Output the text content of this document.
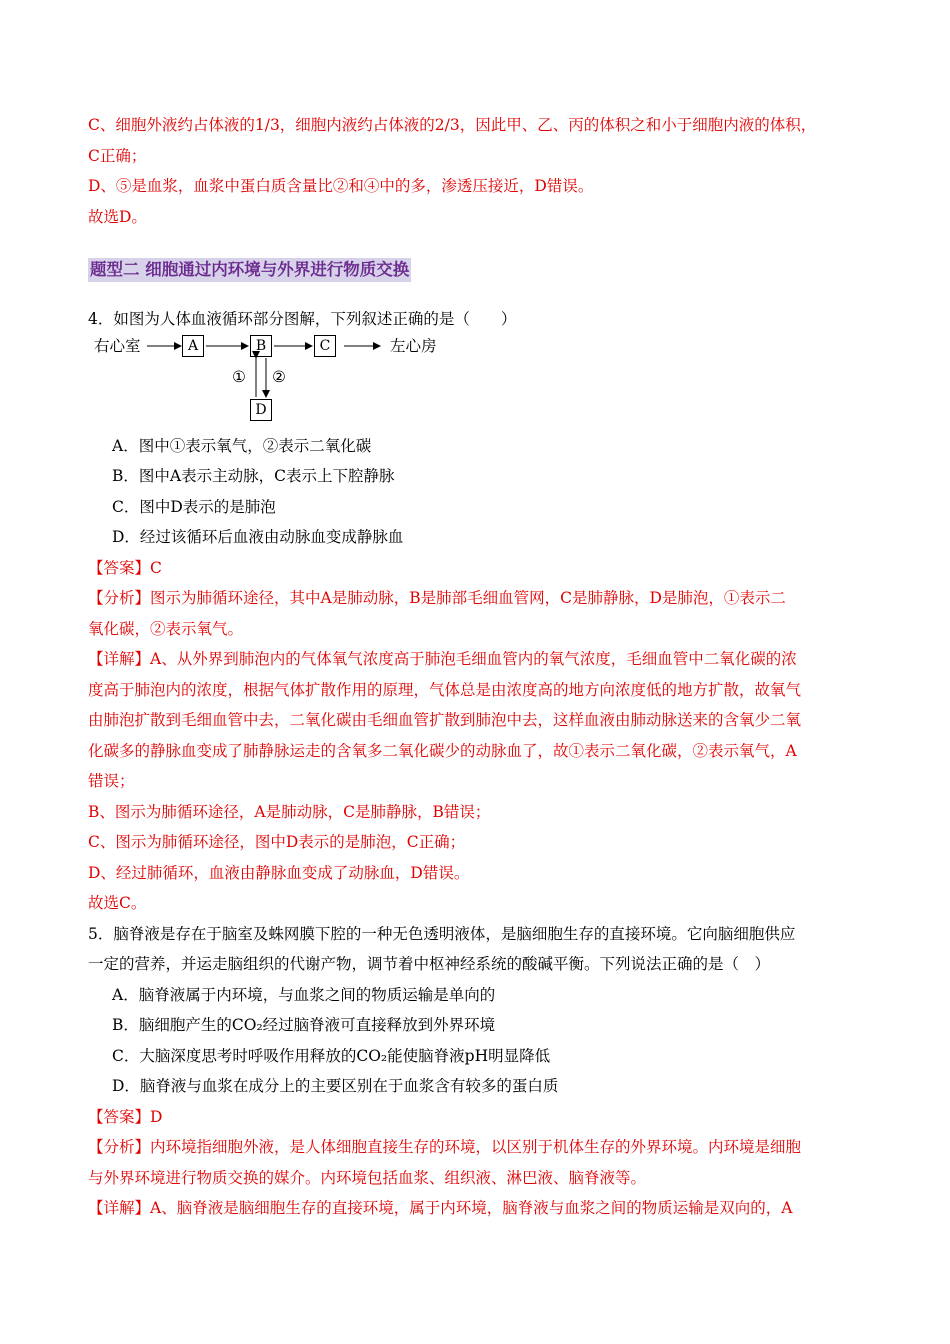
C、细胞外液约占体液的1/3，细胞内液约占体液的2/3，因此甲、乙、丙的体积之和小于细胞内液的体积，

C正确；

D、⑤是血浆，血浆中蛋白质含量比②和④中的多，渗透压接近，D错误。

故选D。

题型二 细胞通过内环境与外界进行物质交换

4．如图为人体血液循环部分图解，下列叙述正确的是（　　）

右心室	A	B	C	左心房
① ②
D

A．图中①表示氧气，②表示二氧化碳

B．图中A表示主动脉，C表示上下腔静脉

C．图中D表示的是肺泡

D．经过该循环后血液由动脉血变成静脉血

【答案】C

【分析】图示为肺循环途径，其中A是肺动脉，B是肺部毛细血管网，C是肺静脉，D是肺泡，①表示二

氧化碳，②表示氧气。

【详解】A、从外界到肺泡内的气体氧气浓度高于肺泡毛细血管内的氧气浓度，毛细血管中二氧化碳的浓

度高于肺泡内的浓度，根据气体扩散作用的原理，气体总是由浓度高的地方向浓度低的地方扩散，故氧气

由肺泡扩散到毛细血管中去，二氧化碳由毛细血管扩散到肺泡中去，这样血液由肺动脉送来的含氧少二氧

化碳多的静脉血变成了肺静脉运走的含氧多二氧化碳少的动脉血了，故①表示二氧化碳，②表示氧气，A

错误；

B、图示为肺循环途径，A是肺动脉，C是肺静脉，B错误；

C、图示为肺循环途径，图中D表示的是肺泡，C正确；

D、经过肺循环，血液由静脉血变成了动脉血，D错误。

故选C。

5．脑脊液是存在于脑室及蛛网膜下腔的一种无色透明液体，是脑细胞生存的直接环境。它向脑细胞供应

一定的营养，并运走脑组织的代谢产物，调节着中枢神经系统的酸碱平衡。下列说法正确的是（　）

A．脑脊液属于内环境，与血浆之间的物质运输是单向的

B．脑细胞产生的CO₂经过脑脊液可直接释放到外界环境

C．大脑深度思考时呼吸作用释放的CO₂能使脑脊液pH明显降低

D．脑脊液与血浆在成分上的主要区别在于血浆含有较多的蛋白质

【答案】D

【分析】内环境指细胞外液，是人体细胞直接生存的环境，以区别于机体生存的外界环境。内环境是细胞

与外界环境进行物质交换的媒介。内环境包括血浆、组织液、淋巴液、脑脊液等。

【详解】A、脑脊液是脑细胞生存的直接环境，属于内环境，脑脊液与血浆之间的物质运输是双向的，A
